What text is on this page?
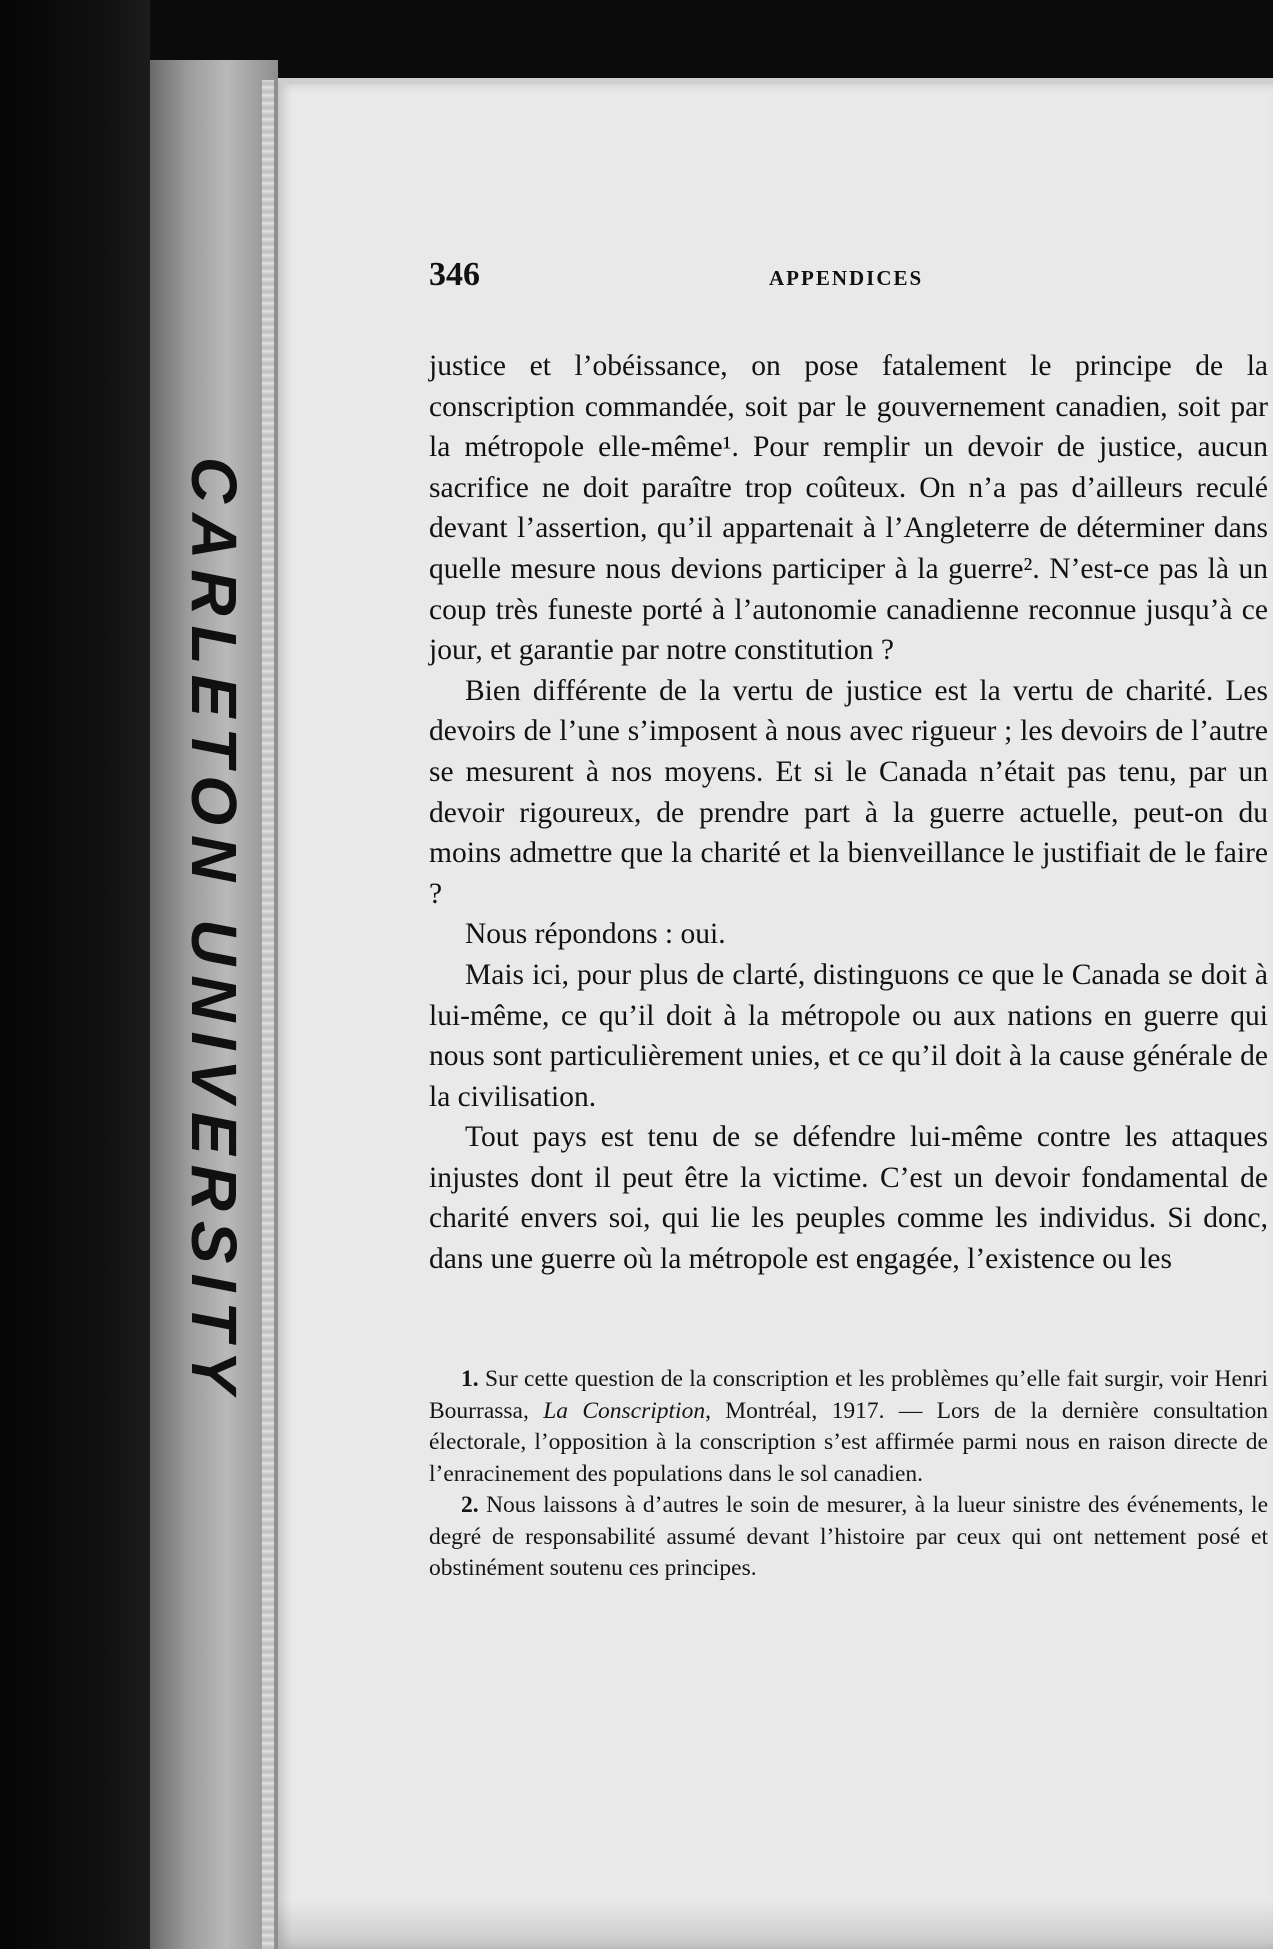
CARLETON UNIVERSITY
346	APPENDICES

justice et l’obéissance, on pose fatalement le principe de la conscription commandée, soit par le gouvernement canadien, soit par la métropole elle-même¹. Pour remplir un devoir de justice, aucun sacrifice ne doit paraître trop coûteux. On n’a pas d’ailleurs reculé devant l’assertion, qu’il appartenait à l’Angleterre de déterminer dans quelle mesure nous devions participer à la guerre². N’est-ce pas là un coup très funeste porté à l’autonomie canadienne reconnue jusqu’à ce jour, et garantie par notre constitution ?

Bien différente de la vertu de justice est la vertu de charité. Les devoirs de l’une s’imposent à nous avec rigueur ; les devoirs de l’autre se mesurent à nos moyens. Et si le Canada n’était pas tenu, par un devoir rigoureux, de prendre part à la guerre actuelle, peut-on du moins admettre que la charité et la bienveillance le justifiait de le faire ?

Nous répondons : oui.

Mais ici, pour plus de clarté, distinguons ce que le Canada se doit à lui-même, ce qu’il doit à la métropole ou aux nations en guerre qui nous sont particulièrement unies, et ce qu’il doit à la cause générale de la civilisation.

Tout pays est tenu de se défendre lui-même contre les attaques injustes dont il peut être la victime. C’est un devoir fondamental de charité envers soi, qui lie les peuples comme les individus. Si donc, dans une guerre où la métropole est engagée, l’existence ou les

1. Sur cette question de la conscription et les problèmes qu’elle fait surgir, voir Henri Bourrassa, La Conscription, Montréal, 1917. — Lors de la dernière consultation électorale, l’opposition à la conscription s’est affirmée parmi nous en raison directe de l’enracinement des populations dans le sol canadien.

2. Nous laissons à d’autres le soin de mesurer, à la lueur sinistre des événements, le degré de responsabilité assumé devant l’histoire par ceux qui ont nettement posé et obstinément soutenu ces principes.
